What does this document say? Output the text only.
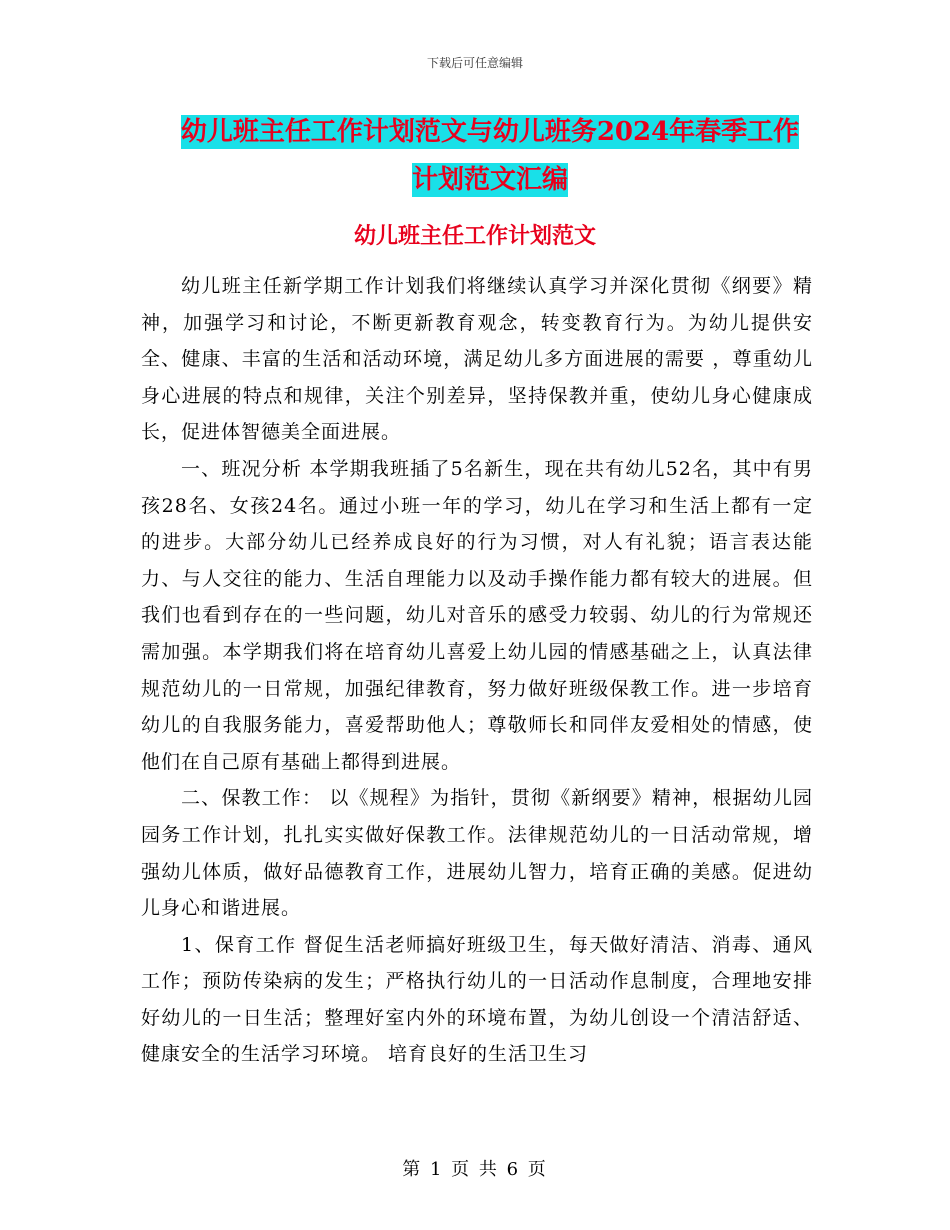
下载后可任意编辑
幼儿班主任工作计划范文与幼儿班务2024年春季工作
计划范文汇编
幼儿班主任工作计划范文

幼儿班主任新学期工作计划我们将继续认真学习并深化贯彻《纲要》精神，加强学习和讨论，不断更新教育观念，转变教育行为。为幼儿提供安全、健康、丰富的生活和活动环境，满足幼儿多方面进展的需要 ，尊重幼儿身心进展的特点和规律，关注个别差异，坚持保教并重，使幼儿身心健康成长，促进体智德美全面进展。

一、班况分析 本学期我班插了5名新生，现在共有幼儿52名，其中有男孩28名、女孩24名。通过小班一年的学习，幼儿在学习和生活上都有一定的进步。大部分幼儿已经养成良好的行为习惯，对人有礼貌；语言表达能力、与人交往的能力、生活自理能力以及动手操作能力都有较大的进展。但我们也看到存在的一些问题，幼儿对音乐的感受力较弱、幼儿的行为常规还需加强。本学期我们将在培育幼儿喜爱上幼儿园的情感基础之上，认真法律规范幼儿的一日常规，加强纪律教育，努力做好班级保教工作。进一步培育幼儿的自我服务能力，喜爱帮助他人；尊敬师长和同伴友爱相处的情感，使他们在自己原有基础上都得到进展。

二、保教工作： 以《规程》为指针，贯彻《新纲要》精神，根据幼儿园园务工作计划，扎扎实实做好保教工作。法律规范幼儿的一日活动常规，增强幼儿体质，做好品德教育工作，进展幼儿智力，培育正确的美感。促进幼儿身心和谐进展。

1、保育工作 督促生活老师搞好班级卫生，每天做好清洁、消毒、通风工作；预防传染病的发生；严格执行幼儿的一日活动作息制度，合理地安排好幼儿的一日生活；整理好室内外的环境布置，为幼儿创设一个清洁舒适、健康安全的生活学习环境。 培育良好的生活卫生习

第 1 页 共 6 页
